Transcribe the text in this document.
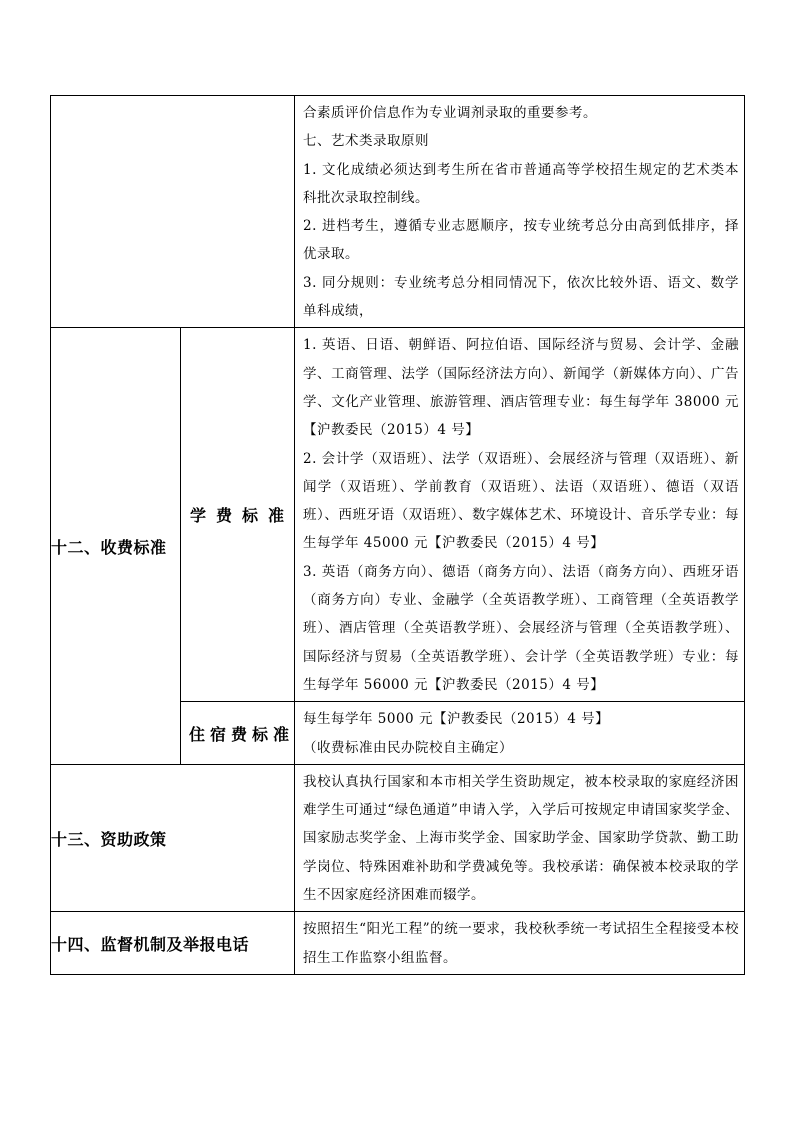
		合素质评价信息作为专业调剂录取的重要参考。

七、艺术类录取原则

1. 文化成绩必须达到考生所在省市普通高等学校招生规定的艺术类本科批次录取控制线。

2. 进档考生，遵循专业志愿顺序，按专业统考总分由高到低排序，择优录取。

3. 同分规则：专业统考总分相同情况下，依次比较外语、语文、数学单科成绩，

十二、收费标准	学费标准	1. 英语、日语、朝鲜语、阿拉伯语、国际经济与贸易、会计学、金融学、工商管理、法学（国际经济法方向）、新闻学（新媒体方向）、广告学、文化产业管理、旅游管理、酒店管理专业：每生每学年 38000 元【沪教委民（2015）4 号】

2. 会计学（双语班）、法学（双语班）、会展经济与管理（双语班）、新闻学（双语班）、学前教育（双语班）、法语（双语班）、德语（双语班）、西班牙语（双语班）、数字媒体艺术、环境设计、音乐学专业：每生每学年 45000 元【沪教委民（2015）4 号】

3. 英语（商务方向）、德语（商务方向）、法语（商务方向）、西班牙语（商务方向）专业、金融学（全英语教学班）、工商管理（全英语教学班）、酒店管理（全英语教学班）、会展经济与管理（全英语教学班）、国际经济与贸易（全英语教学班）、会计学（全英语教学班）专业：每生每学年 56000 元【沪教委民（2015）4 号】

	住宿费标准	每生每学年 5000 元【沪教委民（2015）4 号】

（收费标准由民办院校自主确定）

十三、资助政策		我校认真执行国家和本市相关学生资助规定，被本校录取的家庭经济困难学生可通过“绿色通道”申请入学，入学后可按规定申请国家奖学金、国家励志奖学金、上海市奖学金、国家助学金、国家助学贷款、勤工助学岗位、特殊困难补助和学费减免等。我校承诺：确保被本校录取的学生不因家庭经济困难而辍学。

十四、监督机制及举报电话		按照招生“阳光工程”的统一要求，我校秋季统一考试招生全程接受本校招生工作监察小组监督。
